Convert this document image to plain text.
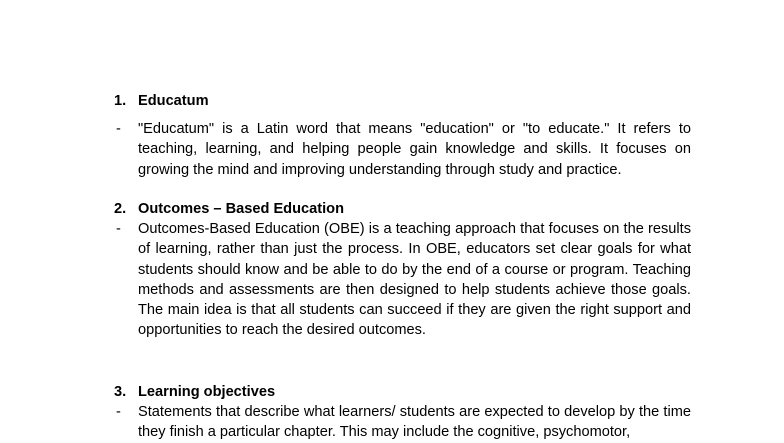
1. Educatum
- "Educatum" is a Latin word that means "education" or "to educate." It refers to teaching, learning, and helping people gain knowledge and skills. It focuses on growing the mind and improving understanding through study and practice.
2. Outcomes – Based Education
- Outcomes-Based Education (OBE) is a teaching approach that focuses on the results of learning, rather than just the process. In OBE, educators set clear goals for what students should know and be able to do by the end of a course or program. Teaching methods and assessments are then designed to help students achieve those goals. The main idea is that all students can succeed if they are given the right support and opportunities to reach the desired outcomes.
3. Learning objectives
- Statements that describe what learners/ students are expected to develop by the time they finish a particular chapter. This may include the cognitive, psychomotor,
